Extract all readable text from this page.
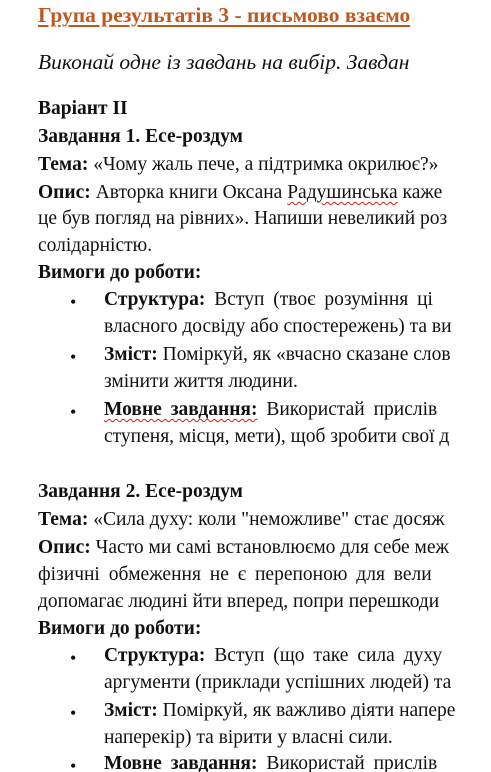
Група результатів 3 - письмово взаємо
Виконай одне із завдань на вибір. Завдан
Варіант ІІ
Завдання 1. Есе-роздум
Тема: «Чому жаль пече, а підтримка окрилює?»
Опис: Авторка книги Оксана Радушинська каже
це був погляд на рівних». Напиши невеликий роз
солідарністю.
Вимоги до роботи:
• Структура: Вступ (твоє розуміння ці
власного досвіду або спостережень) та ви
• Зміст: Поміркуй, як «вчасно сказане слов
змінити життя людини.
• Мовне завдання: Використай прислів
ступеня, місця, мети), щоб зробити свої д
Завдання 2. Есе-роздум
Тема: «Сила духу: коли "неможливе" стає досяж
Опис: Часто ми самі встановлюємо для себе меж
фізичні обмеження не є перепоною для вели
допомагає людині йти вперед, попри перешкоди
Вимоги до роботи:
• Структура: Вступ (що таке сила духу
аргументи (приклади успішних людей) та
• Зміст: Поміркуй, як важливо діяти напере
наперекір) та вірити у власні сили.
• Мовне завдання: Використай прислів
